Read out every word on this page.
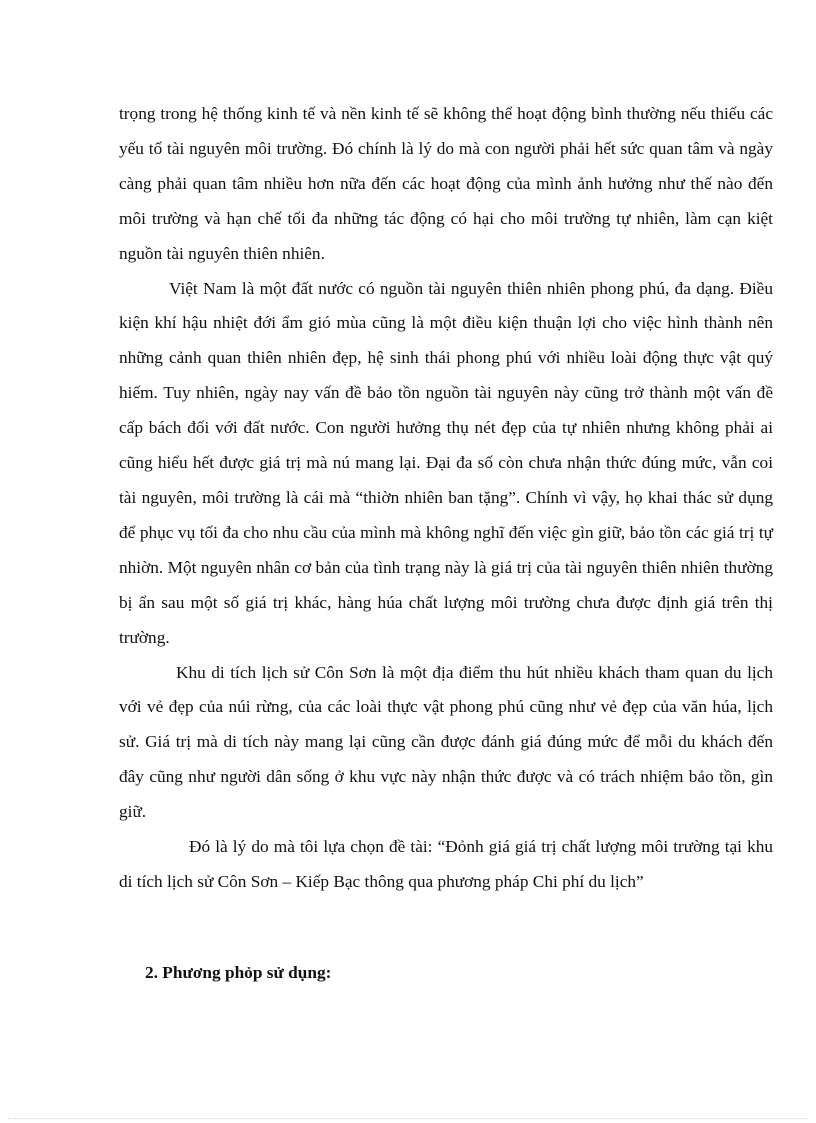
trọng trong hệ thống kinh tế và nền kinh tế sẽ không thể hoạt động bình thường nếu thiếu các yếu tố tài nguyên môi trường. Đó chính là lý do mà con người phải hết sức quan tâm và ngày càng phải quan tâm nhiều hơn nữa đến các hoạt động của mình ảnh hưởng như thế nào đến môi trường và hạn chế tối đa những tác động có hại cho môi trường tự nhiên, làm cạn kiệt nguồn tài nguyên thiên nhiên.

Việt Nam là một đất nước có nguồn tài nguyên thiên nhiên phong phú, đa dạng. Điều kiện khí hậu nhiệt đới ẩm gió mùa cũng là một điều kiện thuận lợi cho việc hình thành nên những cảnh quan thiên nhiên đẹp, hệ sinh thái phong phú với nhiều loài động thực vật quý hiếm. Tuy nhiên, ngày nay vấn đề bảo tồn nguồn tài nguyên này cũng trở thành một vấn đề cấp bách đối với đất nước. Con người hưởng thụ nét đẹp của tự nhiên nhưng không phải ai cũng hiểu hết được giá trị mà nú mang lại. Đại đa số còn chưa nhận thức đúng mức, vẫn coi tài nguyên, môi trường là cái mà “thiờn nhiên ban tặng”. Chính vì vậy, họ khai thác sử dụng để phục vụ tối đa cho nhu cầu của mình mà không nghĩ đến việc gìn giữ, bảo tồn các giá trị tự nhiờn. Một nguyên nhân cơ bản của tình trạng này là giá trị của tài nguyên thiên nhiên thường bị ẩn sau một số giá trị khác, hàng húa chất lượng môi trường chưa được định giá trên thị trường.

Khu di tích lịch sử Côn Sơn là một địa điểm thu hút nhiều khách tham quan du lịch với vẻ đẹp của núi rừng, của các loài thực vật phong phú cũng như vẻ đẹp của văn húa, lịch sử. Giá trị mà di tích này mang lại cũng cần được đánh giá đúng mức để mỗi du khách đến đây cũng như người dân sống ở khu vực này nhận thức được và có trách nhiệm bảo tồn, gìn giữ.

Đó là lý do mà tôi lựa chọn đề tài: “Đỏnh giá giá trị chất lượng môi trường tại khu di tích lịch sử Côn Sơn – Kiếp Bạc thông qua phương pháp Chi phí du lịch”

2. Phương phỏp sử dụng:
